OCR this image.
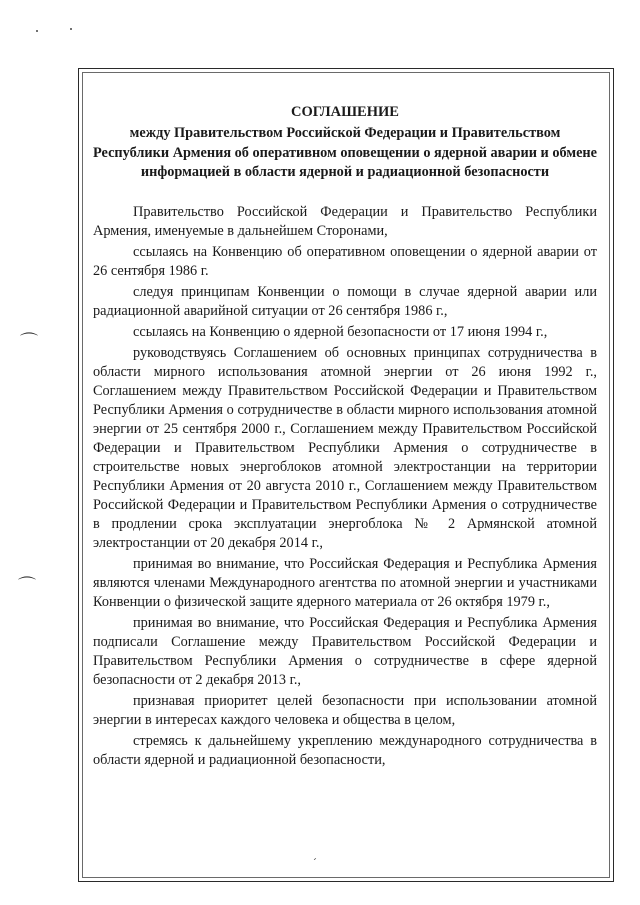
⌒
⌒
СОГЛАШЕНИЕ
между Правительством Российской Федерации и Правительством Республики Армения об оперативном оповещении о ядерной аварии и обмене информацией в области ядерной и радиационной безопасности

Правительство Российской Федерации и Правительство Республики Армения, именуемые в дальнейшем Сторонами,

ссылаясь на Конвенцию об оперативном оповещении о ядерной аварии от 26 сентября 1986 г.

следуя принципам Конвенции о помощи в случае ядерной аварии или радиационной аварийной ситуации от 26 сентября 1986 г.,

ссылаясь на Конвенцию о ядерной безопасности от 17 июня 1994 г.,

руководствуясь Соглашением об основных принципах сотрудничества в области мирного использования атомной энергии от 26 июня 1992 г., Соглашением между Правительством Российской Федерации и Правительством Республики Армения о сотрудничестве в области мирного использования атомной энергии от 25 сентября 2000 г., Соглашением между Правительством Российской Федерации и Правительством Республики Армения о сотрудничестве в строительстве новых энергоблоков атомной электростанции на территории Республики Армения от 20 августа 2010 г., Соглашением между Правительством Российской Федерации и Правительством Республики Армения о сотрудничестве в продлении срока эксплуатации энергоблока № 2 Армянской атомной электростанции от 20 декабря 2014 г.,

принимая во внимание, что Российская Федерация и Республика Армения являются членами Международного агентства по атомной энергии и участниками Конвенции о физической защите ядерного материала от 26 октября 1979 г.,

принимая во внимание, что Российская Федерация и Республика Армения подписали Соглашение между Правительством Российской Федерации и Правительством Республики Армения о сотрудничестве в сфере ядерной безопасности от 2 декабря 2013 г.,

признавая приоритет целей безопасности при использовании атомной энергии в интересах каждого человека и общества в целом,

стремясь к дальнейшему укреплению международного сотрудничества в области ядерной и радиационной безопасности,

ˊ
